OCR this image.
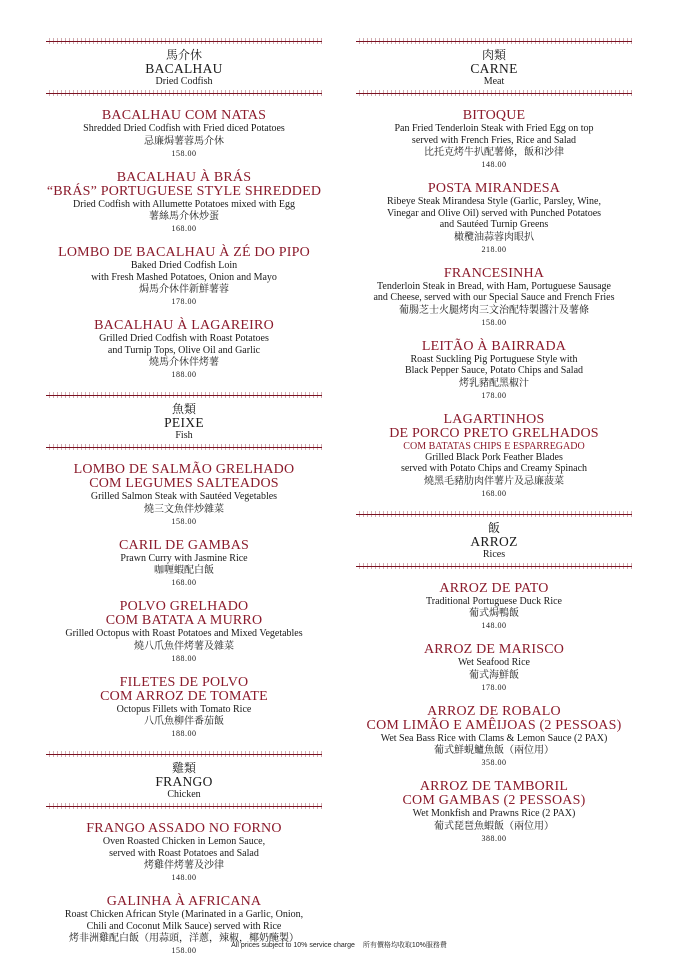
馬介休
BACALHAU
Dried Codfish
BACALHAU COM NATAS
Shredded Dried Codfish with Fried diced Potatoes
忌廉焗薯蓉馬介休
158.00
BACALHAU À BRÁS
“BRÁS” PORTUGUESE STYLE SHREDDED
Dried Codfish with Allumette Potatoes mixed with Egg
薯絲馬介休炒蛋
168.00
LOMBO DE BACALHAU À ZÉ DO PIPO
Baked Dried Codfish Loin
with Fresh Mashed Potatoes, Onion and Mayo
焗馬介休伴新鮮薯蓉
178.00
BACALHAU À LAGAREIRO
Grilled Dried Codfish with Roast Potatoes
and Turnip Tops, Olive Oil and Garlic
燒馬介休伴烤薯
188.00
魚類
PEIXE
Fish
LOMBO DE SALMÃO GRELHADO
COM LEGUMES SALTEADOS
Grilled Salmon Steak with Sautéed Vegetables
燒三文魚伴炒雜菜
158.00
CARIL DE GAMBAS
Prawn Curry with Jasmine Rice
咖喱蝦配白飯
168.00
POLVO GRELHADO
COM BATATA A MURRO
Grilled Octopus with Roast Potatoes and Mixed Vegetables
燒八爪魚伴烤薯及雜菜
188.00
FILETES DE POLVO
COM ARROZ DE TOMATE
Octopus Fillets with Tomato Rice
八爪魚柳伴番茄飯
188.00
雞類
FRANGO
Chicken
FRANGO ASSADO NO FORNO
Oven Roasted Chicken in Lemon Sauce,
served with Roast Potatoes and Salad
烤雞伴烤薯及沙律
148.00
GALINHA À AFRICANA
Roast Chicken African Style (Marinated in a Garlic, Onion,
Chili and Coconut Milk Sauce) served with Rice
烤非洲雞配白飯（用蒜頭，洋蔥，辣椒，椰奶醃製）
158.00
肉類
CARNE
Meat
BITOQUE
Pan Fried Tenderloin Steak with Fried Egg on top
served with French Fries, Rice and Salad
比托克烤牛扒配薯條，飯和沙律
148.00
POSTA MIRANDESA
Ribeye Steak Mirandesa Style (Garlic, Parsley, Wine,
Vinegar and Olive Oil) served with Punched Potatoes
and Sautéed Turnip Greens
橄欖油蒜蓉肉眼扒
218.00
FRANCESINHA
Tenderloin Steak in Bread, with Ham, Portuguese Sausage
and Cheese, served with our Special Sauce and French Fries
葡腸芝士火腿烤肉三文治配特製醬汁及薯條
158.00
LEITÃO À BAIRRADA
Roast Suckling Pig Portuguese Style with
Black Pepper Sauce, Potato Chips and Salad
烤乳豬配黑椒汁
178.00
LAGARTINHOS
DE PORCO PRETO GRELHADOS
COM BATATAS CHIPS E ESPARREGADO
Grilled Black Pork Feather Blades
served with Potato Chips and Creamy Spinach
燒黑毛豬肋肉伴薯片及忌廉菠菜
168.00
飯
ARROZ
Rices
ARROZ DE PATO
Traditional Portuguese Duck Rice
葡式焗鴨飯
148.00
ARROZ DE MARISCO
Wet Seafood Rice
葡式海鮮飯
178.00
ARROZ DE ROBALO
COM LIMÃO E AMÊIJOAS (2 PESSOAS)
Wet Sea Bass Rice with Clams & Lemon Sauce (2 PAX)
葡式鮮蜆鱸魚飯（兩位用）
358.00
ARROZ DE TAMBORIL
COM GAMBAS (2 PESSOAS)
Wet Monkfish and Prawns Rice (2 PAX)
葡式琵琶魚蝦飯（兩位用）
388.00
All prices subject to 10% service charge 所有價格均收取10%服務費
